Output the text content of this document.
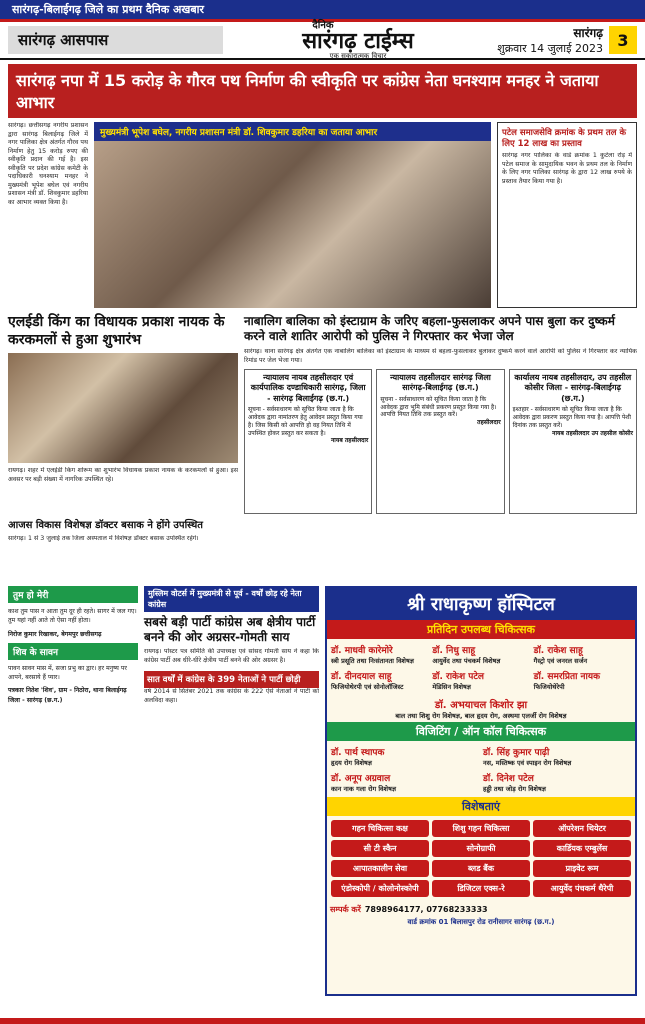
सारंगढ़-बिलाईगढ़ जिले का प्रथम दैनिक अखबार
सारंगढ़ आसपास
दैनिक
सारंगढ़ टाईम्स
एक सकारात्मक विचार
सारंगढ़
शुक्रवार 14 जुलाई 2023 3
सारंगढ़ नपा में 15 करोड़ के गौरव पथ निर्माण की स्वीकृति पर कांग्रेस नेता घनश्याम मनहर ने जताया आभार
सारंगढ़। छत्तीसगढ़ नगरीय प्रशासन द्वारा सारंगढ़ बिलाईगढ़ जिले में नगर पालिका क्षेत्र अंतर्गत गौरव पथ निर्माण हेतु 15 करोड़ रुपए की स्वीकृति प्रदान की गई है। इस स्वीकृति पर प्रदेश कांग्रेस कमेटी के पदाधिकारी घनश्याम मनहर ने मुख्यमंत्री भूपेश बघेल एवं नगरीय प्रशासन मंत्री डॉ. शिवकुमार डहरिया का आभार व्यक्त किया है।
मुख्यमंत्री भूपेश बघेल, नगरीय प्रशासन मंत्री डॉ. शिवकुमार डहरिया का जताया आभार	पटेल समाजसेवि क्रमांक के प्रथम तल के लिए 12 लाख का प्रस्ताव
सारंगढ़ नगर पालिका के वार्ड क्रमांक 1 कुटेला रोड़ में पटेल समाज के सामुदायिक भवन के प्रथम तल के निर्माण के लिए नगर पालिका सारंगढ़ के द्वारा 12 लाख रुपये के प्रस्ताव तैयार किया गया है।
एलईडी किंग का विधायक प्रकाश नायक के करकमलों से हुआ शुभारंभ
रायगढ़। शहर में एलईडी किंग शोरूम का शुभारंभ विधायक प्रकाश नायक के करकमलों से हुआ। इस अवसर पर बड़ी संख्या में नागरिक उपस्थित रहे।
नाबालिग बालिका को इंस्टाग्राम के जरिए बहला-फुसलाकर अपने पास बुला कर दुष्कर्म करने वाले शातिर आरोपी को पुलिस ने गिरफ्तार कर भेजा जेल
सारंगढ़। थाना सारंगढ़ क्षेत्र अंतर्गत एक नाबालिग बालिका को इंस्टाग्राम के माध्यम से बहला-फुसलाकर बुलाकर दुष्कर्म करने वाले आरोपी को पुलिस ने गिरफ्तार कर न्यायिक रिमांड पर जेल भेजा गया।
न्यायालय नायब तहसीलदार एवं कार्यपालिक दण्डाधिकारी सारंगढ़, जिला - सारंगढ़ बिलाईगढ़ (छ.ग.)
सूचना - सर्वसाधारण को सूचित किया जाता है कि आवेदक द्वारा नामांतरण हेतु आवेदन प्रस्तुत किया गया है। जिस किसी को आपत्ति हो वह नियत तिथि में उपस्थित होकर प्रस्तुत कर सकता है।
नायब तहसीलदार
न्यायालय तहसीलदार सारंगढ़ जिला सारंगढ़-बिलाईगढ़ (छ.ग.)
सूचना - सर्वसाधारण को सूचित किया जाता है कि आवेदक द्वारा भूमि संबंधी प्रकरण प्रस्तुत किया गया है। आपत्ति नियत तिथि तक प्रस्तुत करें।
तहसीलदार
कार्यालय नायब तहसीलदार, उप तहसील कोसीर जिला - सारंगढ़-बिलाईगढ़ (छ.ग.)
इश्तहार - सर्वसाधारण को सूचित किया जाता है कि आवेदक द्वारा प्रकरण प्रस्तुत किया गया है। आपत्ति पेशी दिनांक तक प्रस्तुत करें।
नायब तहसीलदार उप तहसील कोसीर
आजस विकास विशेषज्ञ डॉक्टर बसाक ने होंगे उपस्थित
सारंगढ़। 1 से 3 जुलाई तक जिला अस्पताल में विशेषज्ञ डॉक्टर बसाक उपस्थित रहेंगे।
तुम हो मेरी
काश तुम पास न आता तुम दूर ही रहते। सागर में जल गए। तुम यहां नहीं आते तो ऐसा नहीं होता।
निरोज कुमार रिखाकर, बेगमपुर छत्तीसगढ़
शिव के सावन
पावन सावन मास में, सजा प्रभु का द्वार। हर मनुष्य पर आपने, बरसाये हैं प्यार।
पत्रकार नितेश 'शिव', ग्राम - निठोरा, थाना बिलाईगढ़ जिला - सारंगढ़ (छ.ग.)
मुस्लिम वोटर्स में मुख्यमंत्री से पूर्व - वर्षों छोड़ रहे नेता कांग्रेस
सबसे बड़ी पार्टी कांग्रेस अब क्षेत्रीय पार्टी बनने की ओर अग्रसर-गोमती साय
रायगढ़। पोस्टर पत्र समिति की उपाध्यक्ष एवं सांसद गोमती साय ने कहा कि कांग्रेस पार्टी अब धीरे-धीरे क्षेत्रीय पार्टी बनने की ओर अग्रसर है।
सात वर्षों में कांग्रेस के 399 नेताओं ने पार्टी छोड़ी
वर्ष 2014 से सितंबर 2021 तक कांग्रेस के 222 ऐसे नेताओं ने पार्टी को अलविदा कहा।
श्री राधाकृष्ण हॉस्पिटल
प्रतिदिन उपलब्ध चिकित्सक
डॉ. माधवी कारेमोरे
स्त्री प्रसूति तथा निःसंतानता विशेषज्ञ
डॉ. निधु साहू
आयुर्वेद तथा पंचकर्म विशेषज्ञ
डॉ. राकेश साहू
गैस्ट्रो एवं जनरल सर्जन
डॉ. दीनदयाल साहू
फिजियोथेरपी एवं सोनोलॉजिस्ट
डॉ. राकेश पटेल
मेडिसिन विशेषज्ञ
डॉ. समरप्रिता नायक
फिजियोथेरेपी
डॉ. अभयाचल किशोर झा
बाल तथा शिशु रोग विशेषज्ञ, बाल हृदय रोग, अस्थमा एलर्जी रोग विशेषज्ञ
विजिटिंग / ऑन कॉल चिकित्सक
डॉ. पार्थ स्थापक
हृदय रोग विशेषज्ञ
डॉ. सिंह कुमार पाढ़ी
नस, मस्तिष्क एवं स्पाइन रोग विशेषज्ञ
डॉ. अनूप अग्रवाल
कान नाक गला रोग विशेषज्ञ
डॉ. दिनेश पटेल
हड्डी तथा जोड़ रोग विशेषज्ञ
विशेषताएं
गहन चिकित्सा कक्ष	शिशु गहन चिकित्सा	ऑपरेशन थियेटर
सी टी स्कैन	सोनोग्राफी	कार्डियक एम्बुलेंस
आपातकालीन सेवा	ब्लड बैंक	प्राइवेट रूम
एंडोस्कोपी / कोलोनोस्कोपी	डिजिटल एक्स-रे	आयुर्वेद पंचकर्म थैरेपी
सम्पर्क करें 7898964177, 07768233333
वार्ड क्रमांक 01 बिलासपुर रोड रानीसागर सारंगढ़ (छ.ग.)
